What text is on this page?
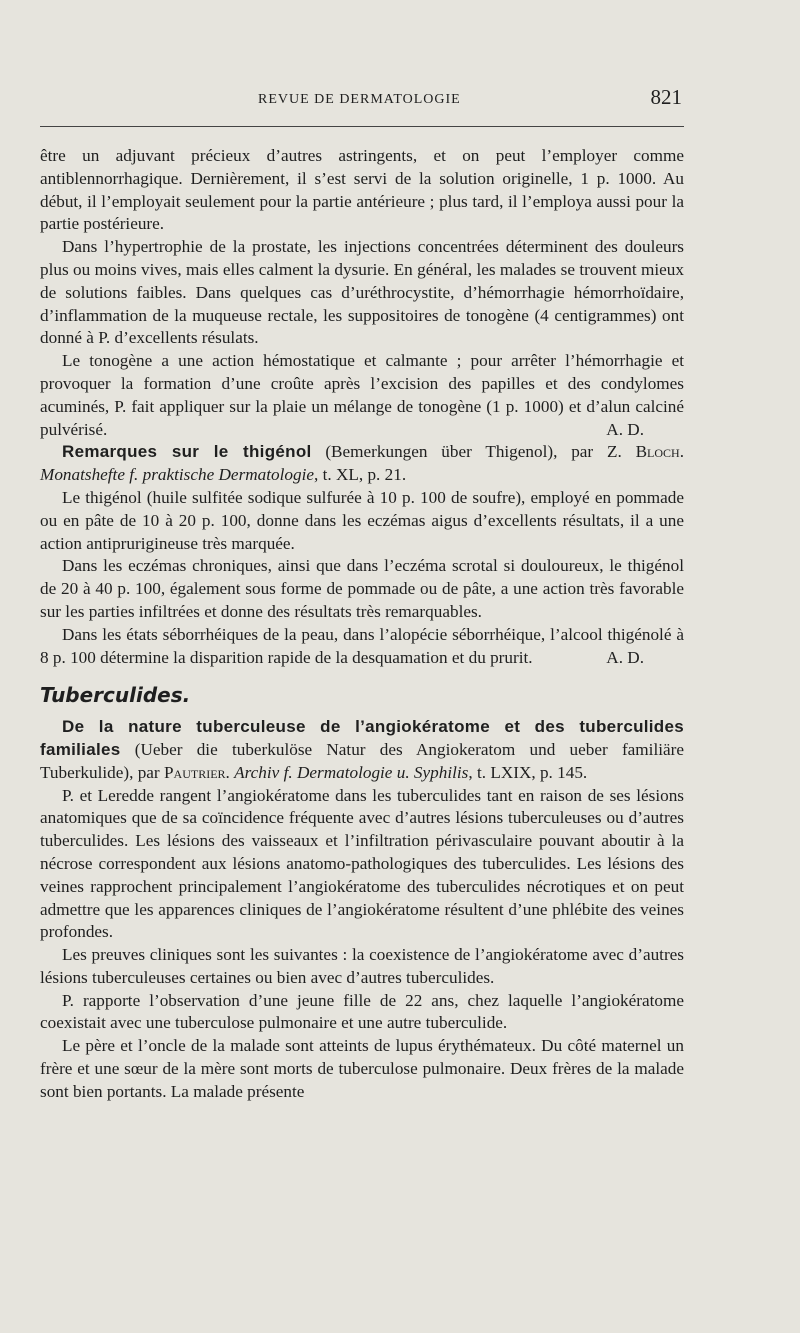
REVUE DE DERMATOLOGIE	821

être un adjuvant précieux d’autres astringents, et on peut l’employer comme antiblennorrhagique. Dernièrement, il s’est servi de la solution originelle, 1 p. 1000. Au début, il l’employait seulement pour la partie antérieure ; plus tard, il l’employa aussi pour la partie postérieure.

Dans l’hypertrophie de la prostate, les injections concentrées déterminent des douleurs plus ou moins vives, mais elles calment la dysurie. En général, les malades se trouvent mieux de solutions faibles. Dans quelques cas d’uréthrocystite, d’hémorrhagie hémorrhoïdaire, d’inflammation de la muqueuse rectale, les suppositoires de tonogène (4 centigrammes) ont donné à P. d’excellents résulats.

Le tonogène a une action hémostatique et calmante ; pour arrêter l’hémorrhagie et provoquer la formation d’une croûte après l’excision des papilles et des condylomes acuminés, P. fait appliquer sur la plaie un mélange de tonogène (1 p. 1000) et d’alun calciné pulvérisé.	A. D.

Remarques sur le thigénol (Bemerkungen über Thigenol), par Z. Bloch. Monatshefte f. praktische Dermatologie, t. XL, p. 21.

Le thigénol (huile sulfitée sodique sulfurée à 10 p. 100 de soufre), employé en pommade ou en pâte de 10 à 20 p. 100, donne dans les eczémas aigus d’excellents résultats, il a une action antiprurigineuse très marquée.

Dans les eczémas chroniques, ainsi que dans l’eczéma scrotal si douloureux, le thigénol de 20 à 40 p. 100, également sous forme de pommade ou de pâte, a une action très favorable sur les parties infiltrées et donne des résultats très remarquables.

Dans les états séborrhéiques de la peau, dans l’alopécie séborrhéique, l’alcool thigénolé à 8 p. 100 détermine la disparition rapide de la desquamation et du prurit.	A. D.

Tuberculides.

De la nature tuberculeuse de l’angiokératome et des tuberculides familiales (Ueber die tuberkulöse Natur des Angiokeratom und ueber familiäre Tuberkulide), par Pautrier. Archiv f. Dermatologie u. Syphilis, t. LXIX, p. 145.

P. et Leredde rangent l’angiokératome dans les tuberculides tant en raison de ses lésions anatomiques que de sa coïncidence fréquente avec d’autres lésions tuberculeuses ou d’autres tuberculides. Les lésions des vaisseaux et l’infiltration périvasculaire pouvant aboutir à la nécrose correspondent aux lésions anatomo-pathologiques des tuberculides. Les lésions des veines rapprochent principalement l’angiokératome des tuberculides nécrotiques et on peut admettre que les apparences cliniques de l’angiokératome résultent d’une phlébite des veines profondes.

Les preuves cliniques sont les suivantes : la coexistence de l’angiokératome avec d’autres lésions tuberculeuses certaines ou bien avec d’autres tuberculides.

P. rapporte l’observation d’une jeune fille de 22 ans, chez laquelle l’angiokératome coexistait avec une tuberculose pulmonaire et une autre tuberculide.

Le père et l’oncle de la malade sont atteints de lupus érythémateux. Du côté maternel un frère et une sœur de la mère sont morts de tuberculose pulmonaire. Deux frères de la malade sont bien portants. La malade présente
